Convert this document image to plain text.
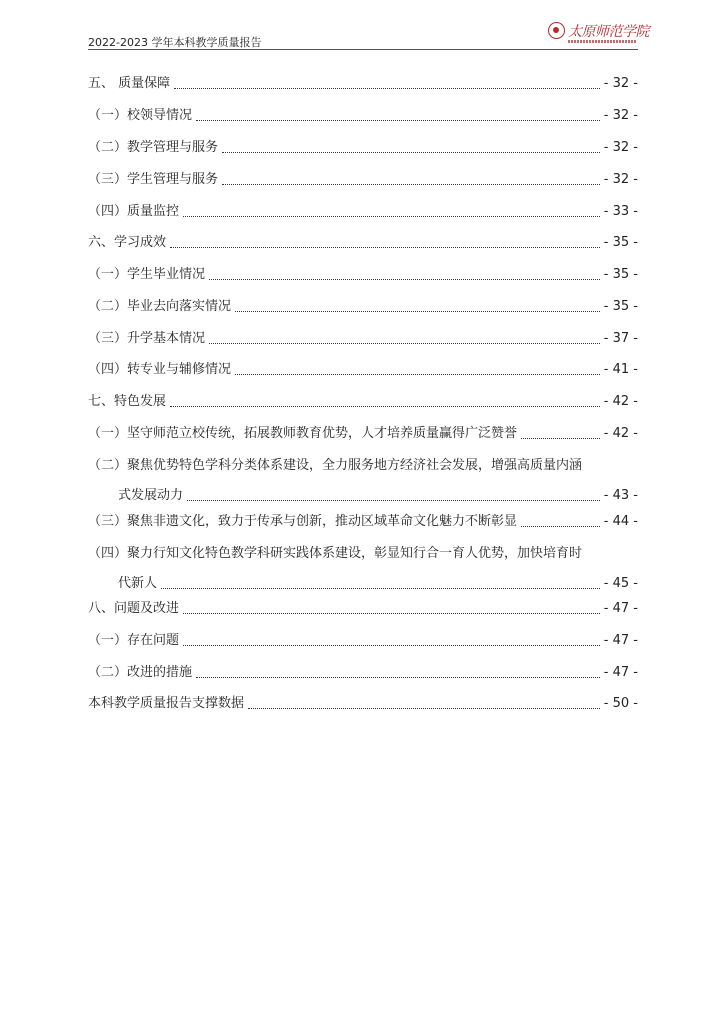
2022-2023 学年本科教学质量报告
太原师范学院
五、 质量保障	- 32 -
（一）校领导情况	- 32 -
（二）教学管理与服务	- 32 -
（三）学生管理与服务	- 32 -
（四）质量监控	- 33 -
六、学习成效	- 35 -
（一）学生毕业情况	- 35 -
（二）毕业去向落实情况	- 35 -
（三）升学基本情况	- 37 -
（四）转专业与辅修情况	- 41 -
七、特色发展	- 42 -
（一）坚守师范立校传统，拓展教师教育优势，人才培养质量赢得广泛赞誉	- 42 -
（二）聚焦优势特色学科分类体系建设，全力服务地方经济社会发展，增强高质量内涵
式发展动力	- 43 -
（三）聚焦非遗文化，致力于传承与创新，推动区域革命文化魅力不断彰显	- 44 -
（四）聚力行知文化特色教学科研实践体系建设，彰显知行合一育人优势，加快培育时
代新人	- 45 -
八、问题及改进	- 47 -
（一）存在问题	- 47 -
（二）改进的措施	- 47 -
本科教学质量报告支撑数据	- 50 -
